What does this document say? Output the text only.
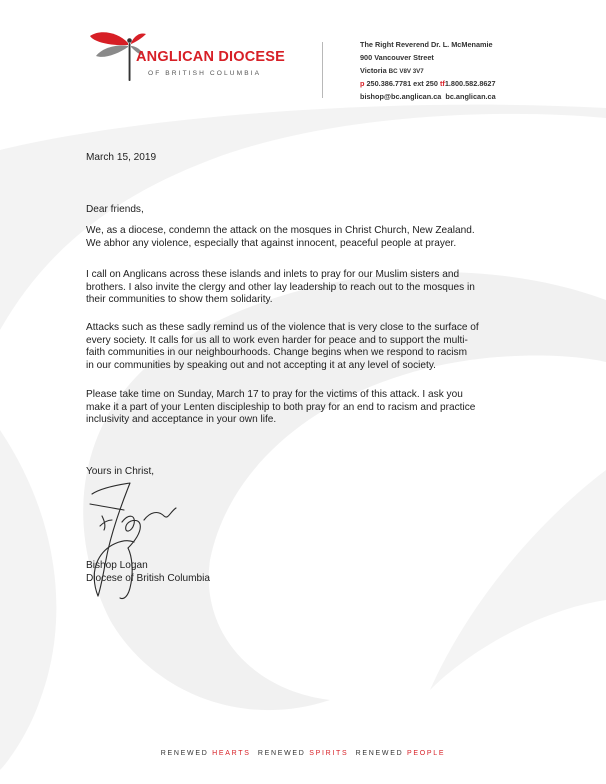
ANGLICAN DIOCESE
OF BRITISH COLUMBIA
The Right Reverend Dr. L. McMenamie
900 Vancouver Street
Victoria BC V8V 3V7
p 250.386.7781 ext 250 tf1.800.582.8627
bishop@bc.anglican.ca bc.anglican.ca

March 15, 2019

Dear friends,

We, as a diocese, condemn the attack on the mosques in Christ Church, New Zealand.
We abhor any violence, especially that against innocent, peaceful people at prayer.
I call on Anglicans across these islands and inlets to pray for our Muslim sisters and
brothers. I also invite the clergy and other lay leadership to reach out to the mosques in
their communities to show them solidarity.
Attacks such as these sadly remind us of the violence that is very close to the surface of
every society. It calls for us all to work even harder for peace and to support the multi-
faith communities in our neighbourhoods. Change begins when we respond to racism
in our communities by speaking out and not accepting it at any level of society.
Please take time on Sunday, March 17 to pray for the victims of this attack. I ask you
make it a part of your Lenten discipleship to both pray for an end to racism and practice
inclusivity and acceptance in your own life.
Yours in Christ,
Bishop Logan
Diocese of British Columbia
RENEWED HEARTS RENEWED SPIRITS RENEWED PEOPLE
